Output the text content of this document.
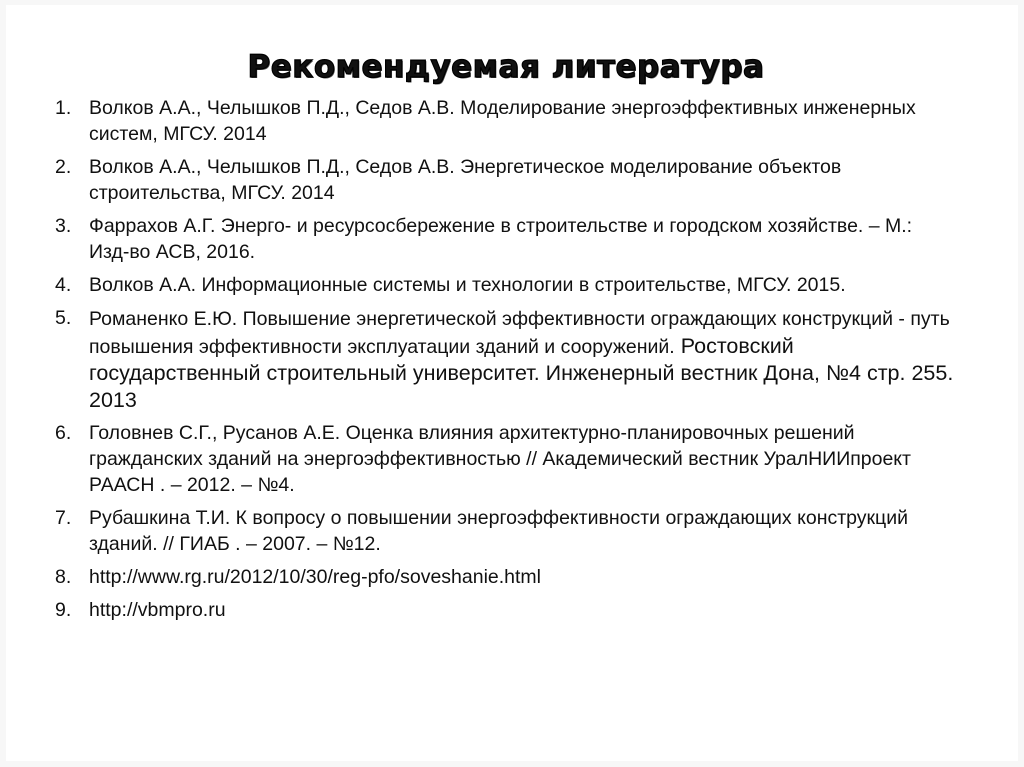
Рекомендуемая литература
1. Волков А.А., Челышков П.Д., Седов А.В. Моделирование энергоэффективных инженерных систем, МГСУ. 2014
2. Волков А.А., Челышков П.Д., Седов А.В. Энергетическое моделирование объектов строительства, МГСУ. 2014
3. Фаррахов А.Г. Энерго- и ресурсосбережение в строительстве и городском хозяйстве. – М.: Изд-во АСВ, 2016.
4. Волков А.А. Информационные системы и технологии в строительстве, МГСУ. 2015.
5. Романенко Е.Ю. Повышение энергетической эффективности ограждающих конструкций - путь повышения эффективности эксплуатации зданий и сооружений. Ростовский государственный строительный университет. Инженерный вестник Дона, №4 стр. 255. 2013
6. Головнев С.Г., Русанов А.Е. Оценка влияния архитектурно-планировочных решений гражданских зданий на энергоэффективностью // Академический вестник УралНИИпроект РААСН . – 2012. – №4.
7. Рубашкина Т.И. К вопросу о повышении энергоэффективности ограждающих конструкций зданий. // ГИАБ . – 2007. – №12.
8. http://www.rg.ru/2012/10/30/reg-pfo/soveshanie.html
9. http://vbmpro.ru
